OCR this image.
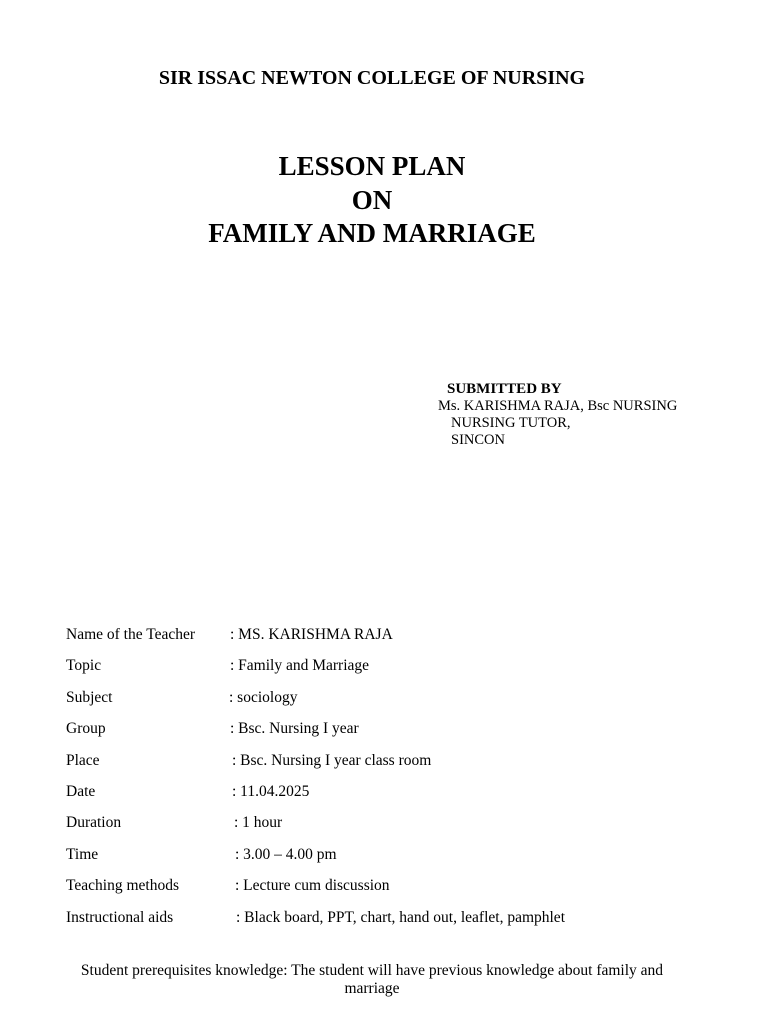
SIR ISSAC NEWTON COLLEGE OF NURSING
LESSON PLAN
ON
FAMILY AND MARRIAGE
SUBMITTED BY
Ms. KARISHMA RAJA, Bsc NURSING
NURSING TUTOR,
SINCON
Name of the Teacher : MS. KARISHMA RAJA
Topic	: Family and Marriage
Subject	: sociology
Group	: Bsc. Nursing I year
Place	: Bsc. Nursing I year class room
Date	: 11.04.2025
Duration	: 1 hour
Time	: 3.00 – 4.00 pm
Teaching methods	: Lecture cum discussion
Instructional aids	: Black board, PPT, chart, hand out, leaflet, pamphlet
Student prerequisites knowledge: The student will have previous knowledge about family and marriage
